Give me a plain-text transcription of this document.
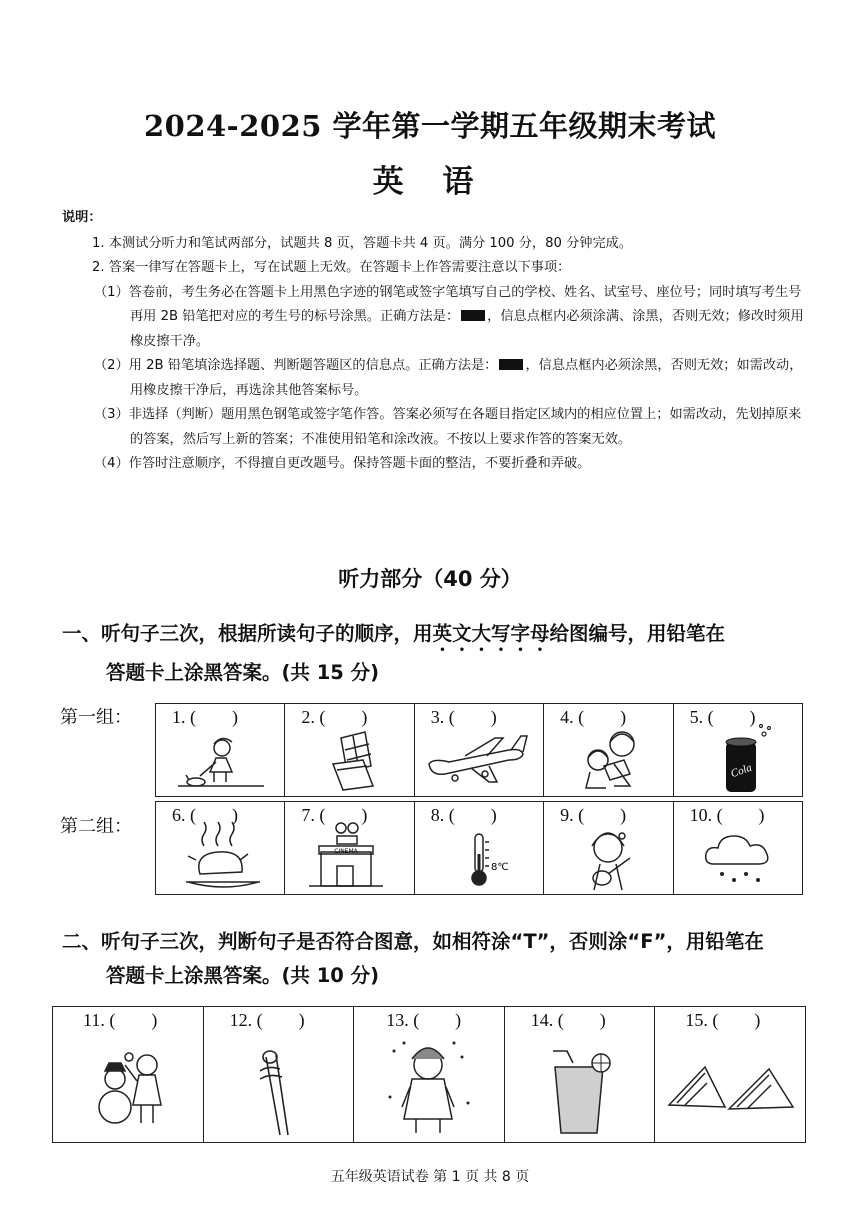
2024-2025 学年第一学期五年级期末考试
英 语
说明：
1. 本测试分听力和笔试两部分，试题共 8 页，答题卡共 4 页。满分 100 分，80 分钟完成。
2. 答案一律写在答题卡上，写在试题上无效。在答题卡上作答需要注意以下事项：
（1）答卷前，考生务必在答题卡上用黑色字迹的钢笔或签字笔填写自己的学校、姓名、试室号、座位号；同时填写考生号再用 2B 铅笔把对应的考生号的标号涂黑。正确方法是： ，信息点框内必须涂满、涂黑，否则无效；修改时须用橡皮擦干净。
（2）用 2B 铅笔填涂选择题、判断题答题区的信息点。正确方法是： ，信息点框内必须涂黑，否则无效；如需改动，用橡皮擦干净后，再选涂其他答案标号。
（3）非选择（判断）题用黑色钢笔或签字笔作答。答案必须写在各题目指定区域内的相应位置上；如需改动，先划掉原来的答案，然后写上新的答案；不准使用铅笔和涂改液。不按以上要求作答的答案无效。
（4）作答时注意顺序，不得擅自更改题号。保持答题卡面的整洁，不要折叠和弄破。
听力部分（40 分）
一、听句子三次，根据所读句子的顺序，用英文大写字母给图编号，用铅笔在
答题卡上涂黑答案。(共 15 分)
第一组：
第二组：
1. (        )	2. (        )	3. (        )	4. (        )	5. (        )
Cola
6. (        )	7. (        )
CINEMA

8. (        )
8℃

9. (        )	10. (        )
二、听句子三次，判断句子是否符合图意，如相符涂“T”，否则涂“F”，用铅笔在
答题卡上涂黑答案。(共 10 分)
11. (        )	12. (        )	13. (        )	14. (        )	15. (        )
五年级英语试卷 第 1 页 共 8 页
